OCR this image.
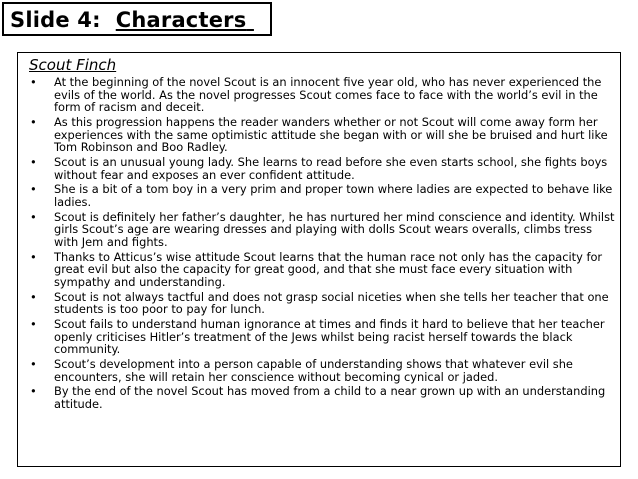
Slide 4:  Characters
Scout Finch
• At the beginning of the novel Scout is an innocent five year old, who has never experienced the evils of the world. As the novel progresses Scout comes face to face with the world’s evil in the form of racism and deceit.
• As this progression happens the reader wanders whether or not Scout will come away form her experiences with the same optimistic attitude she began with or will she be bruised and hurt like Tom Robinson and Boo Radley.
• Scout is an unusual young lady. She learns to read before she even starts school, she fights boys without fear and exposes an ever confident attitude.
• She is a bit of a tom boy in a very prim and proper town where ladies are expected to behave like ladies.
• Scout is definitely her father’s daughter, he has nurtured her mind conscience and identity. Whilst girls Scout’s age are wearing dresses and playing with dolls Scout wears overalls, climbs tress with Jem and fights.
• Thanks to Atticus’s wise attitude Scout learns that the human race not only has the capacity for great evil but also the capacity for great good, and that she must face every situation with sympathy and understanding.
• Scout is not always tactful and does not grasp social niceties when she tells her teacher that one students is too poor to pay for lunch.
• Scout fails to understand human ignorance at times and finds it hard to believe that her teacher openly criticises Hitler’s treatment of the Jews whilst being racist herself towards the black community.
• Scout’s development into a person capable of understanding shows that whatever evil she encounters, she will retain her conscience without becoming cynical or jaded.
• By the end of the novel Scout has moved from a child to a near grown up with an understanding attitude.
